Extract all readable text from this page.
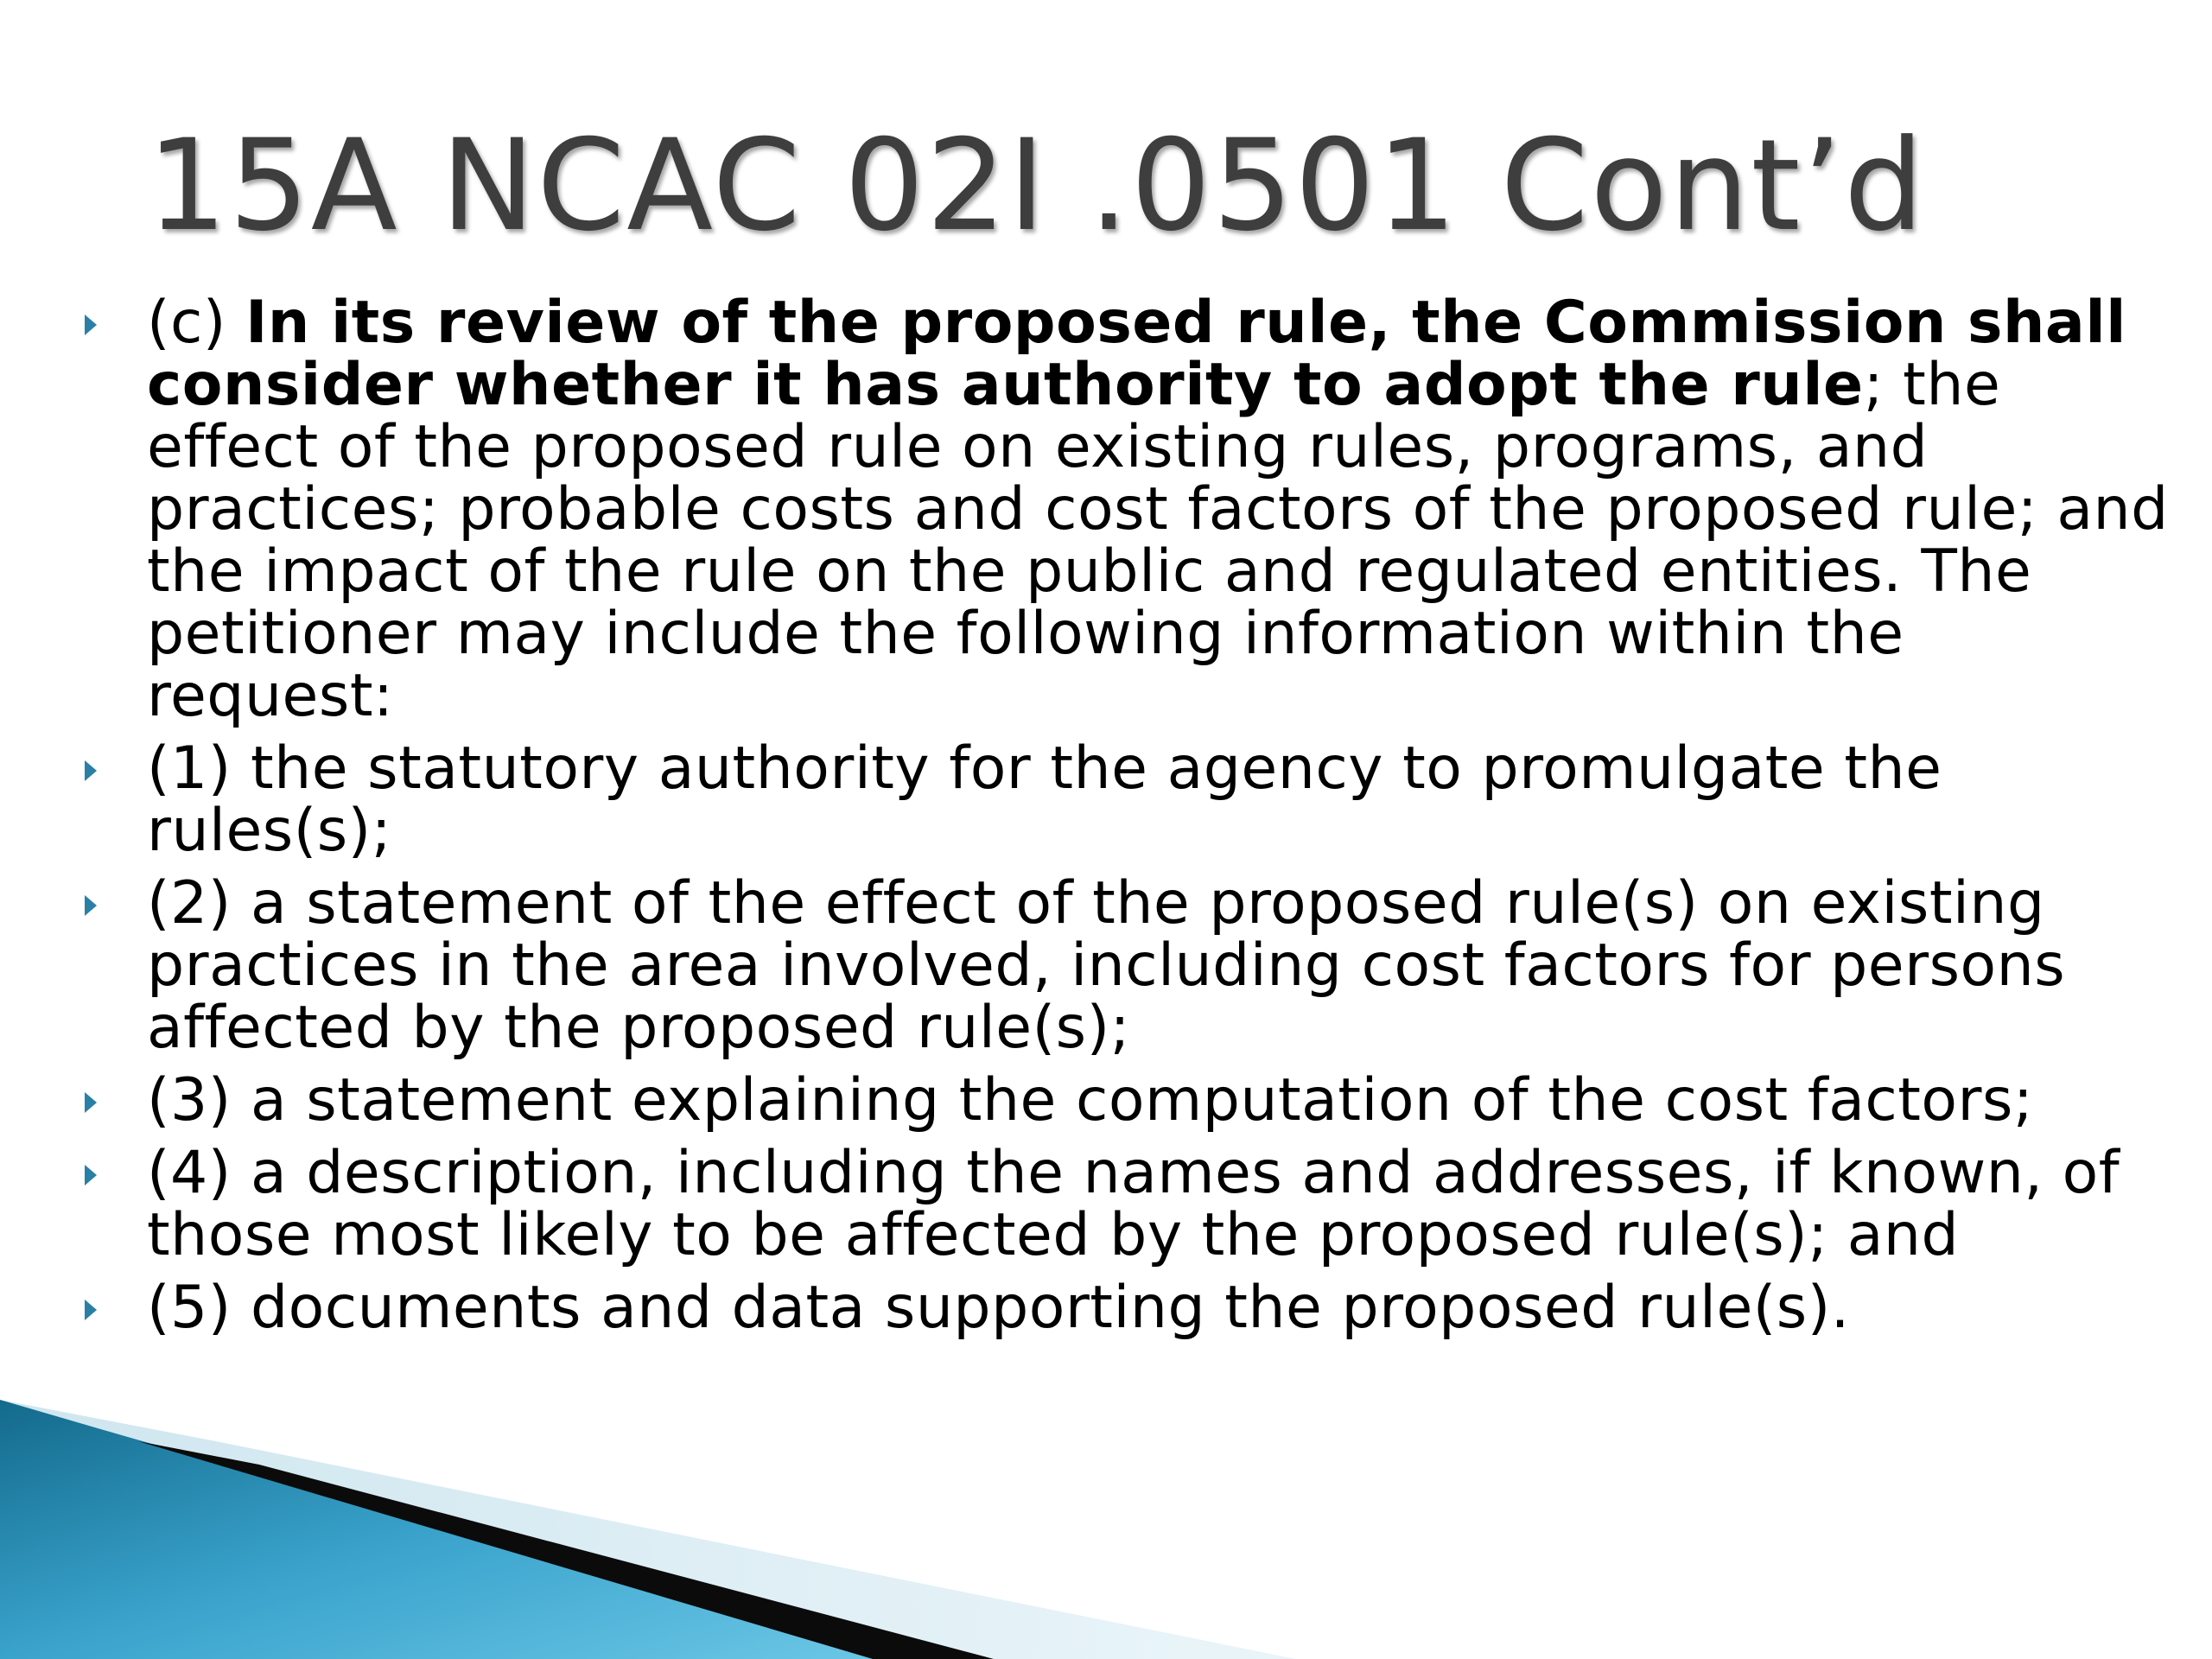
15A NCAC 02I .0501 Cont’d
(c) In its review of the proposed rule, the Commission shall consider whether it has authority to adopt the rule; the effect of the proposed rule on existing rules, programs, and practices; probable costs and cost factors of the proposed rule; and the impact of the rule on the public and regulated entities. The petitioner may include the following information within the request:
(1) the statutory authority for the agency to promulgate the rules(s);
(2) a statement of the effect of the proposed rule(s) on existing practices in the area involved, including cost factors for persons affected by the proposed rule(s);
(3) a statement explaining the computation of the cost factors;
(4) a description, including the names and addresses, if known, of those most likely to be affected by the proposed rule(s); and
(5) documents and data supporting the proposed rule(s).
